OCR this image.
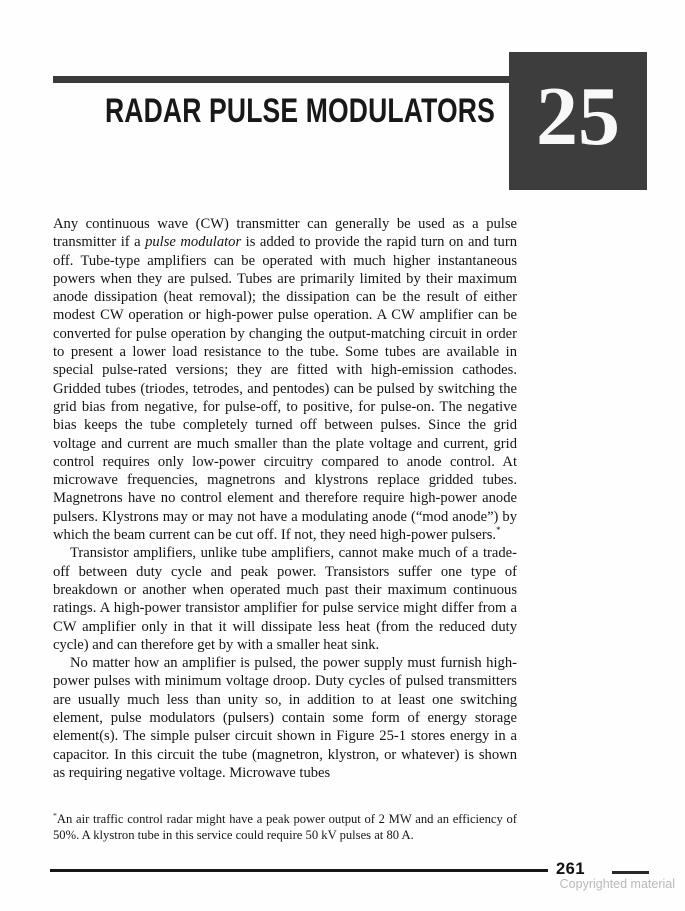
RADAR PULSE MODULATORS 25

Any continuous wave (CW) transmitter can generally be used as a pulse transmitter if a pulse modulator is added to provide the rapid turn on and turn off. Tube-type amplifiers can be operated with much higher instantaneous powers when they are pulsed. Tubes are primarily limited by their maximum anode dissipation (heat removal); the dissipation can be the result of either modest CW operation or high-power pulse operation. A CW amplifier can be converted for pulse operation by changing the output-matching circuit in order to present a lower load resistance to the tube. Some tubes are available in special pulse-rated versions; they are fitted with high-emission cathodes. Gridded tubes (triodes, tetrodes, and pentodes) can be pulsed by switching the grid bias from negative, for pulse-off, to positive, for pulse-on. The negative bias keeps the tube completely turned off between pulses. Since the grid voltage and current are much smaller than the plate voltage and current, grid control requires only low-power circuitry compared to anode control. At microwave frequencies, magnetrons and klystrons replace gridded tubes. Magnetrons have no control element and therefore require high-power anode pulsers. Klystrons may or may not have a modulating anode (“mod anode”) by which the beam current can be cut off. If not, they need high-power pulsers.*

Transistor amplifiers, unlike tube amplifiers, cannot make much of a trade-off between duty cycle and peak power. Transistors suffer one type of breakdown or another when operated much past their maximum continuous ratings. A high-power transistor amplifier for pulse service might differ from a CW amplifier only in that it will dissipate less heat (from the reduced duty cycle) and can therefore get by with a smaller heat sink.

No matter how an amplifier is pulsed, the power supply must furnish high-power pulses with minimum voltage droop. Duty cycles of pulsed transmitters are usually much less than unity so, in addition to at least one switching element, pulse modulators (pulsers) contain some form of energy storage element(s). The simple pulser circuit shown in Figure 25-1 stores energy in a capacitor. In this circuit the tube (magnetron, klystron, or whatever) is shown as requiring negative voltage. Microwave tubes

*An air traffic control radar might have a peak power output of 2 MW and an efficiency of 50%. A klystron tube in this service could require 50 kV pulses at 80 A.

261
Copyrighted material
